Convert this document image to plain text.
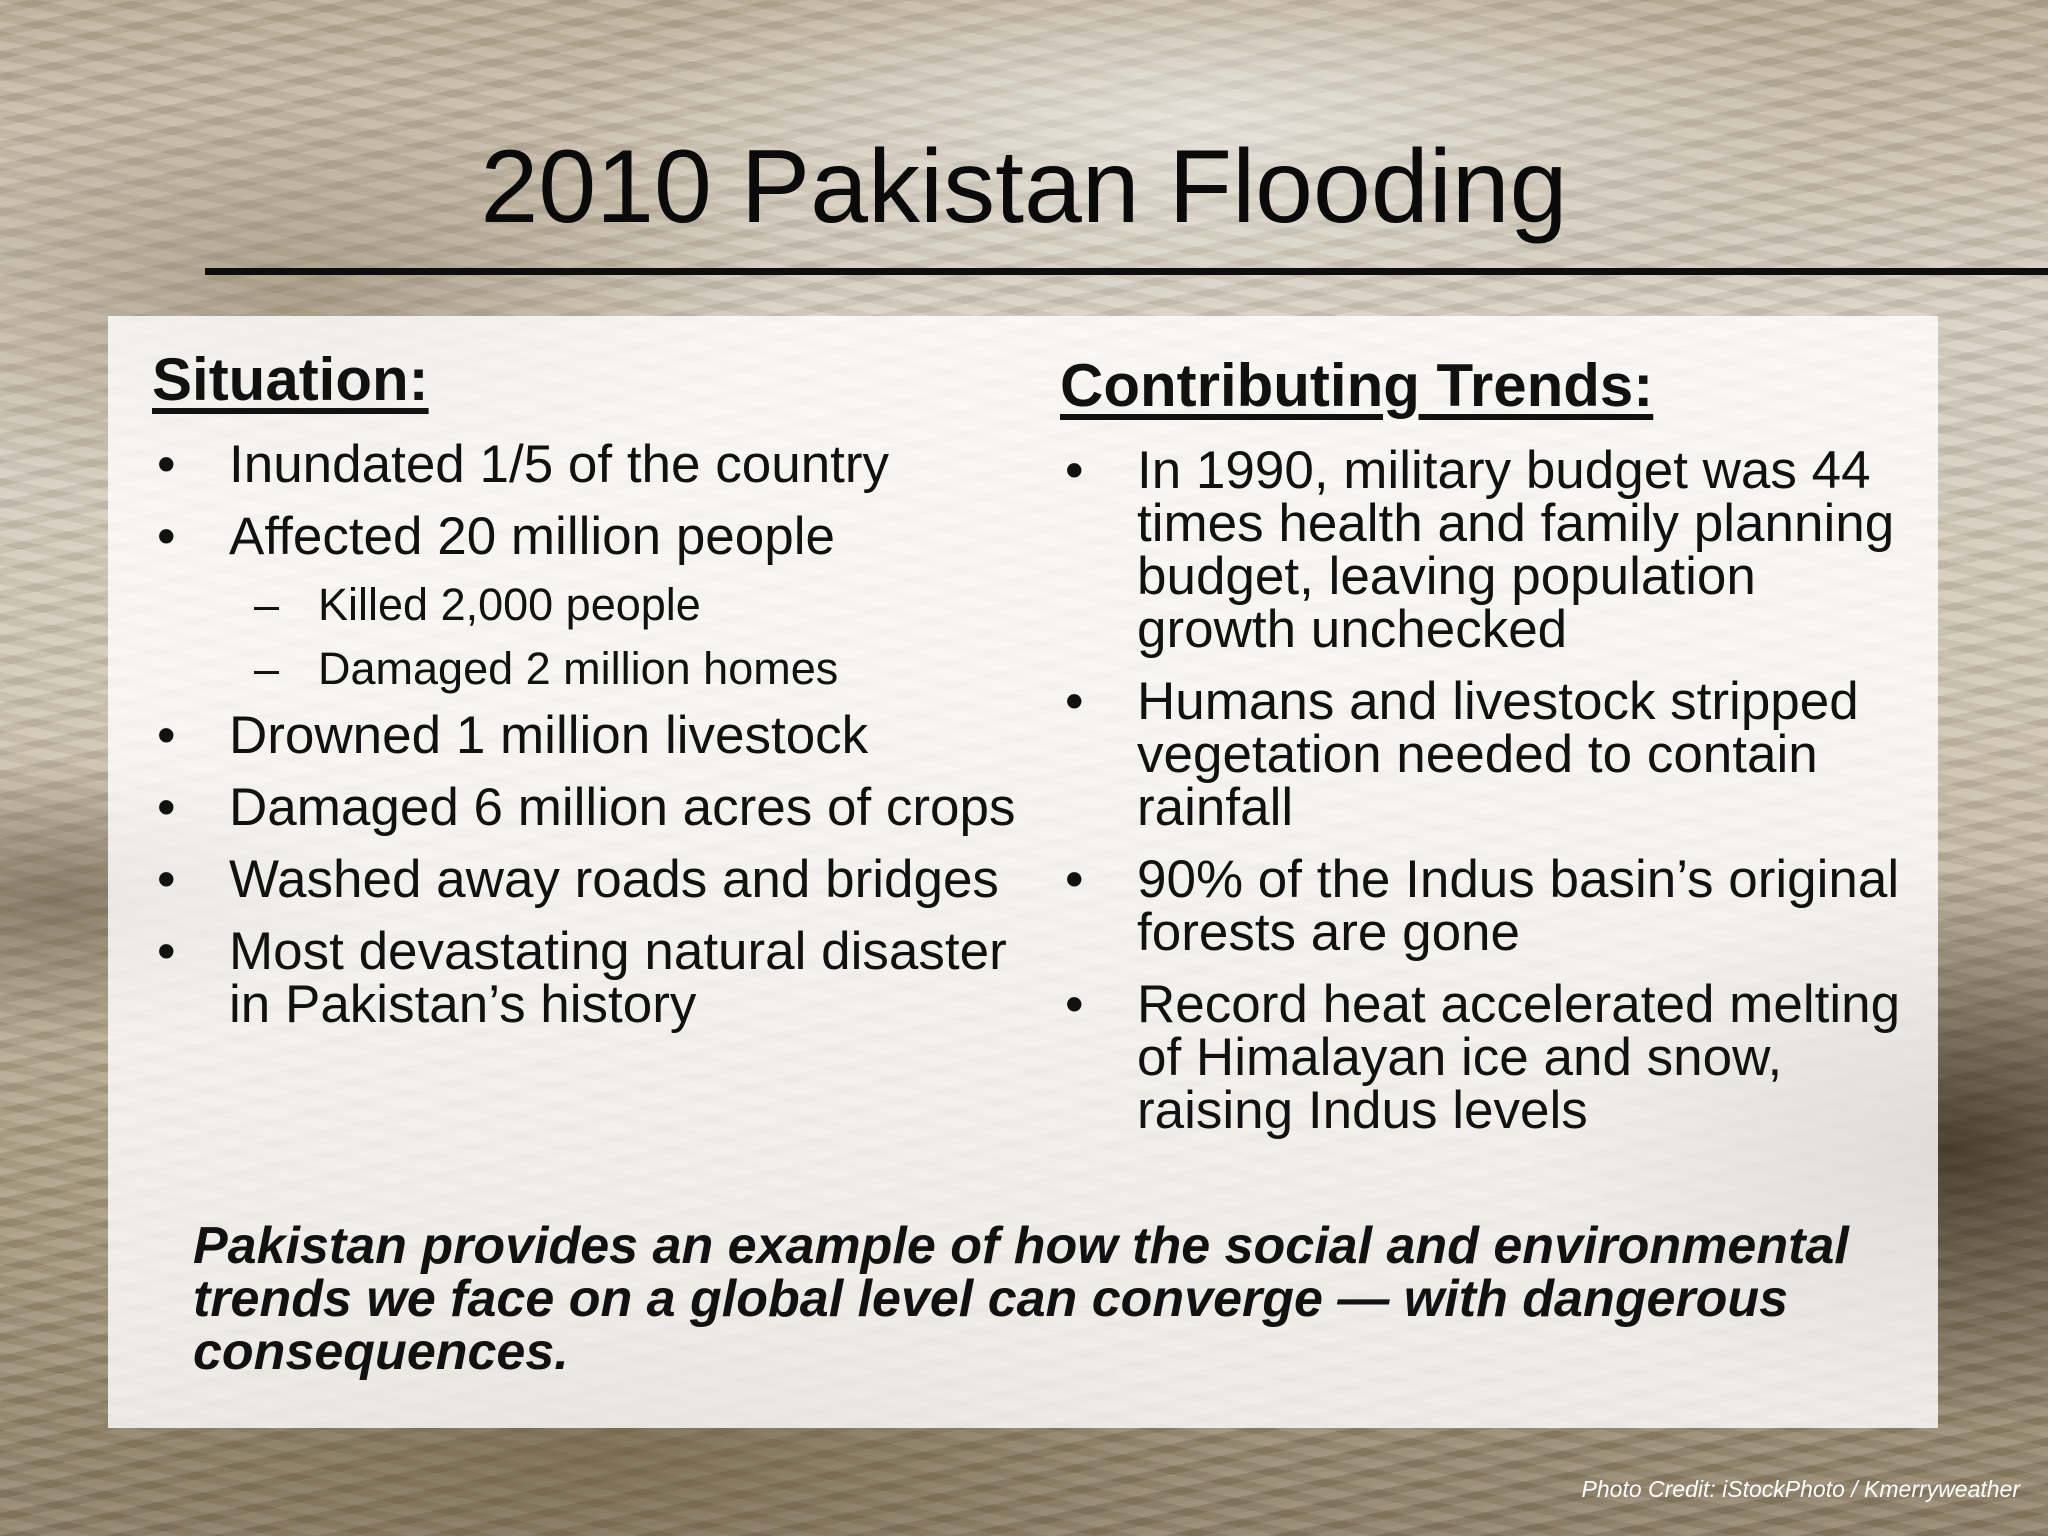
2010 Pakistan Flooding
Situation:
• Inundated 1/5 of the country
• Affected 20 million people
– Killed 2,000 people
– Damaged 2 million homes
• Drowned 1 million livestock
• Damaged 6 million acres of crops
• Washed away roads and bridges
• Most devastating natural disaster in Pakistan’s history
Contributing Trends:
• In 1990, military budget was 44 times health and family planning budget, leaving population growth unchecked
• Humans and livestock stripped vegetation needed to contain rainfall
• 90% of the Indus basin’s original forests are gone
• Record heat accelerated melting of Himalayan ice and snow, raising Indus levels
Pakistan provides an example of how the social and environmental trends we face on a global level can converge — with dangerous consequences.
Photo Credit: iStockPhoto / Kmerryweather
